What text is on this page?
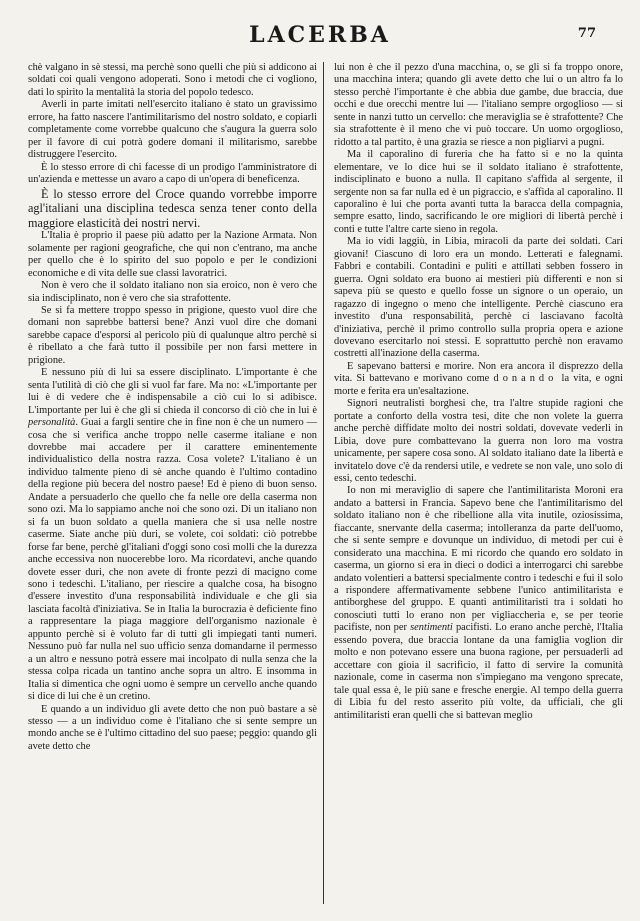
LACERBA	77

chè valgano in sè stessi, ma perchè sono quelli che più si addicono ai soldati coi quali vengono adoperati. Sono i metodi che ci vogliono, dati lo spirito la mentalità la storia del popolo tedesco.

Averli in parte imitati nell'esercito italiano è stato un gravissimo errore, ha fatto nascere l'antimilitarismo del nostro soldato, e copiarli completamente come vorrebbe qualcuno che s'augura la guerra solo per il favore di cui potrà godere domani il militarismo, sarebbe distruggere l'esercito.

È lo stesso errore di chi facesse di un prodigo l'amministratore di un'azienda e mettesse un avaro a capo di un'opera di beneficenza.

È lo stesso errore del Croce quando vorrebbe imporre agl'italiani una disciplina tedesca senza tener conto della maggiore elasticità dei nostri nervi.

L'Italia è proprio il paese più adatto per la Nazione Armata. Non solamente per ragioni geografiche, che qui non c'entrano, ma anche per quello che è lo spirito del suo popolo e per le condizioni economiche e di vita delle sue classi lavoratrici.

Non è vero che il soldato italiano non sia eroico, non è vero che sia indisciplinato, non è vero che sia strafottente.

Se si fa mettere troppo spesso in prigione, questo vuol dire che domani non saprebbe battersi bene? Anzi vuol dire che domani sarebbe capace d'esporsi al pericolo più di qualunque altro perchè si è ribellato a che farà tutto il possibile per non farsi mettere in prigione.

E nessuno più di lui sa essere disciplinato. L'importante è che senta l'utilità di ciò che gli si vuol far fare. Ma no: «L'importante per lui è di vedere che è indispensabile a ciò cui lo si adibisce. L'importante per lui è che gli si chieda il concorso di ciò che in lui è personalità. Guai a fargli sentire che in fine non è che un numero — cosa che si verifica anche troppo nelle caserme italiane e non dovrebbe mai accadere per il carattere eminentemente individualistico della nostra razza. Cosa volete? L'italiano è un individuo talmente pieno di sè anche quando è l'ultimo contadino della regione più becera del nostro paese! Ed è pieno di buon senso. Andate a persuaderlo che quello che fa nelle ore della caserma non sono ozi. Ma lo sappiamo anche noi che sono ozi. Di un italiano non si fa un buon soldato a quella maniera che si usa nelle nostre caserme. Siate anche più duri, se volete, coi soldati: ciò potrebbe forse far bene, perchè gl'italiani d'oggi sono così molli che la durezza anche eccessiva non nuocerebbe loro. Ma ricordatevi, anche quando dovete esser duri, che non avete di fronte pezzi di macigno come sono i tedeschi. L'italiano, per riescire a qualche cosa, ha bisogno d'essere investito d'una responsabilità individuale e che gli sia lasciata facoltà d'iniziativa. Se in Italia la burocrazia è deficiente fino a rappresentare la piaga maggiore dell'organismo nazionale è appunto perchè si è voluto far di tutti gli impiegati tanti numeri. Nessuno può far nulla nel suo ufficio senza domandarne il permesso a un altro e nessuno potrà essere mai incolpato di nulla senza che la stessa colpa ricada un tantino anche sopra un altro. E insomma in Italia si dimentica che ogni uomo è sempre un cervello anche quando si dice di lui che è un cretino.

E quando a un individuo gli avete detto che non può bastare a sè stesso — a un individuo come è l'italiano che si sente sempre un mondo anche se è l'ultimo cittadino del suo paese; peggio: quando gli avete detto che

lui non è che il pezzo d'una macchina, o, se gli si fa troppo onore, una macchina intera; quando gli avete detto che lui o un altro fa lo stesso perchè l'importante è che abbia due gambe, due braccia, due occhi e due orecchi mentre lui — l'italiano sempre orgoglioso — si sente in nanzi tutto un cervello: che meraviglia se è strafottente? Che sia strafottente è il meno che vi può toccare. Un uomo orgoglioso, ridotto a tal partito, è una grazia se riesce a non pigliarvi a pugni.

Ma il caporalino di fureria che ha fatto si e no la quinta elementare, ve lo dice hui se il soldato italiano è strafottente, indisciplinato e buono a nulla. Il capitano s'affida al sergente, il sergente non sa far nulla ed è un pigraccio, e s'affida al caporalino. Il caporalino è lui che porta avanti tutta la baracca della compagnia, sempre esatto, lindo, sacrificando le ore migliori di libertà perchè i conti e tutte l'altre carte sieno in regola.

Ma io vidi laggiù, in Libia, miracoli da parte dei soldati. Cari giovani! Ciascuno di loro era un mondo. Letterati e falegnami. Fabbri e contabili. Contadini e puliti e attillati sebben fossero in guerra. Ogni soldato era buono ai mestieri più differenti e non si sapeva più se questo e quello fosse un signore o un operaio, un ragazzo di ingegno o meno che intelligente. Perchè ciascuno era investito d'una responsabilità, perchè ci lasciavano facoltà d'iniziativa, perchè il primo controllo sulla propria opera e azione dovevano esercitarlo noi stessi. E soprattutto perchè non eravamo costretti all'inazione della caserma.

E sapevano battersi e morire. Non era ancora il disprezzo della vita. Si battevano e morivano come donando la vita, e ogni morte e ferita era un'esaltazione.

Signori neutralisti borghesi che, tra l'altre stupide ragioni che portate a conforto della vostra tesi, dite che non volete la guerra anche perchè diffidate molto dei nostri soldati, dovevate vederli in Libia, dove pure combattevano la guerra non loro ma vostra unicamente, per sapere cosa sono. Al soldato italiano date la libertà e invitatelo dove c'è da rendersi utile, e vedrete se non vale, uno solo di essi, cento tedeschi.

Io non mi meraviglio di sapere che l'antimilitarista Moroni era andato a battersi in Francia. Sapevo bene che l'antimilitarismo del soldato italiano non è che ribellione alla vita inutile, oziosissima, fiaccante, snervante della caserma; intolleranza da parte dell'uomo, che si sente sempre e dovunque un individuo, di metodi per cui è considerato una macchina. E mi ricordo che quando ero soldato in caserma, un giorno si era in dieci o dodici a interrogarci chi sarebbe andato volentieri a battersi specialmente contro i tedeschi e fui il solo a rispondere affermativamente sebbene l'unico antimilitarista e antiborghese del gruppo. E quanti antimilitaristi tra i soldati ho conosciuti tutti lo erano non per vigliaccheria e, se per teorie pacifiste, non per sentimenti pacifisti. Lo erano anche perchè, l'Italia essendo povera, due braccia lontane da una famiglia voglion dir molto e non potevano essere una buona ragione, per persuaderli ad accettare con gioia il sacrificio, il fatto di servire la comunità nazionale, come in caserma non s'impiegano ma vengono sprecate, tale qual essa è, le più sane e fresche energie. Al tempo della guerra di Libia fu del resto asserito più volte, da ufficiali, che gli antimilitaristi eran quelli che si battevan meglio
